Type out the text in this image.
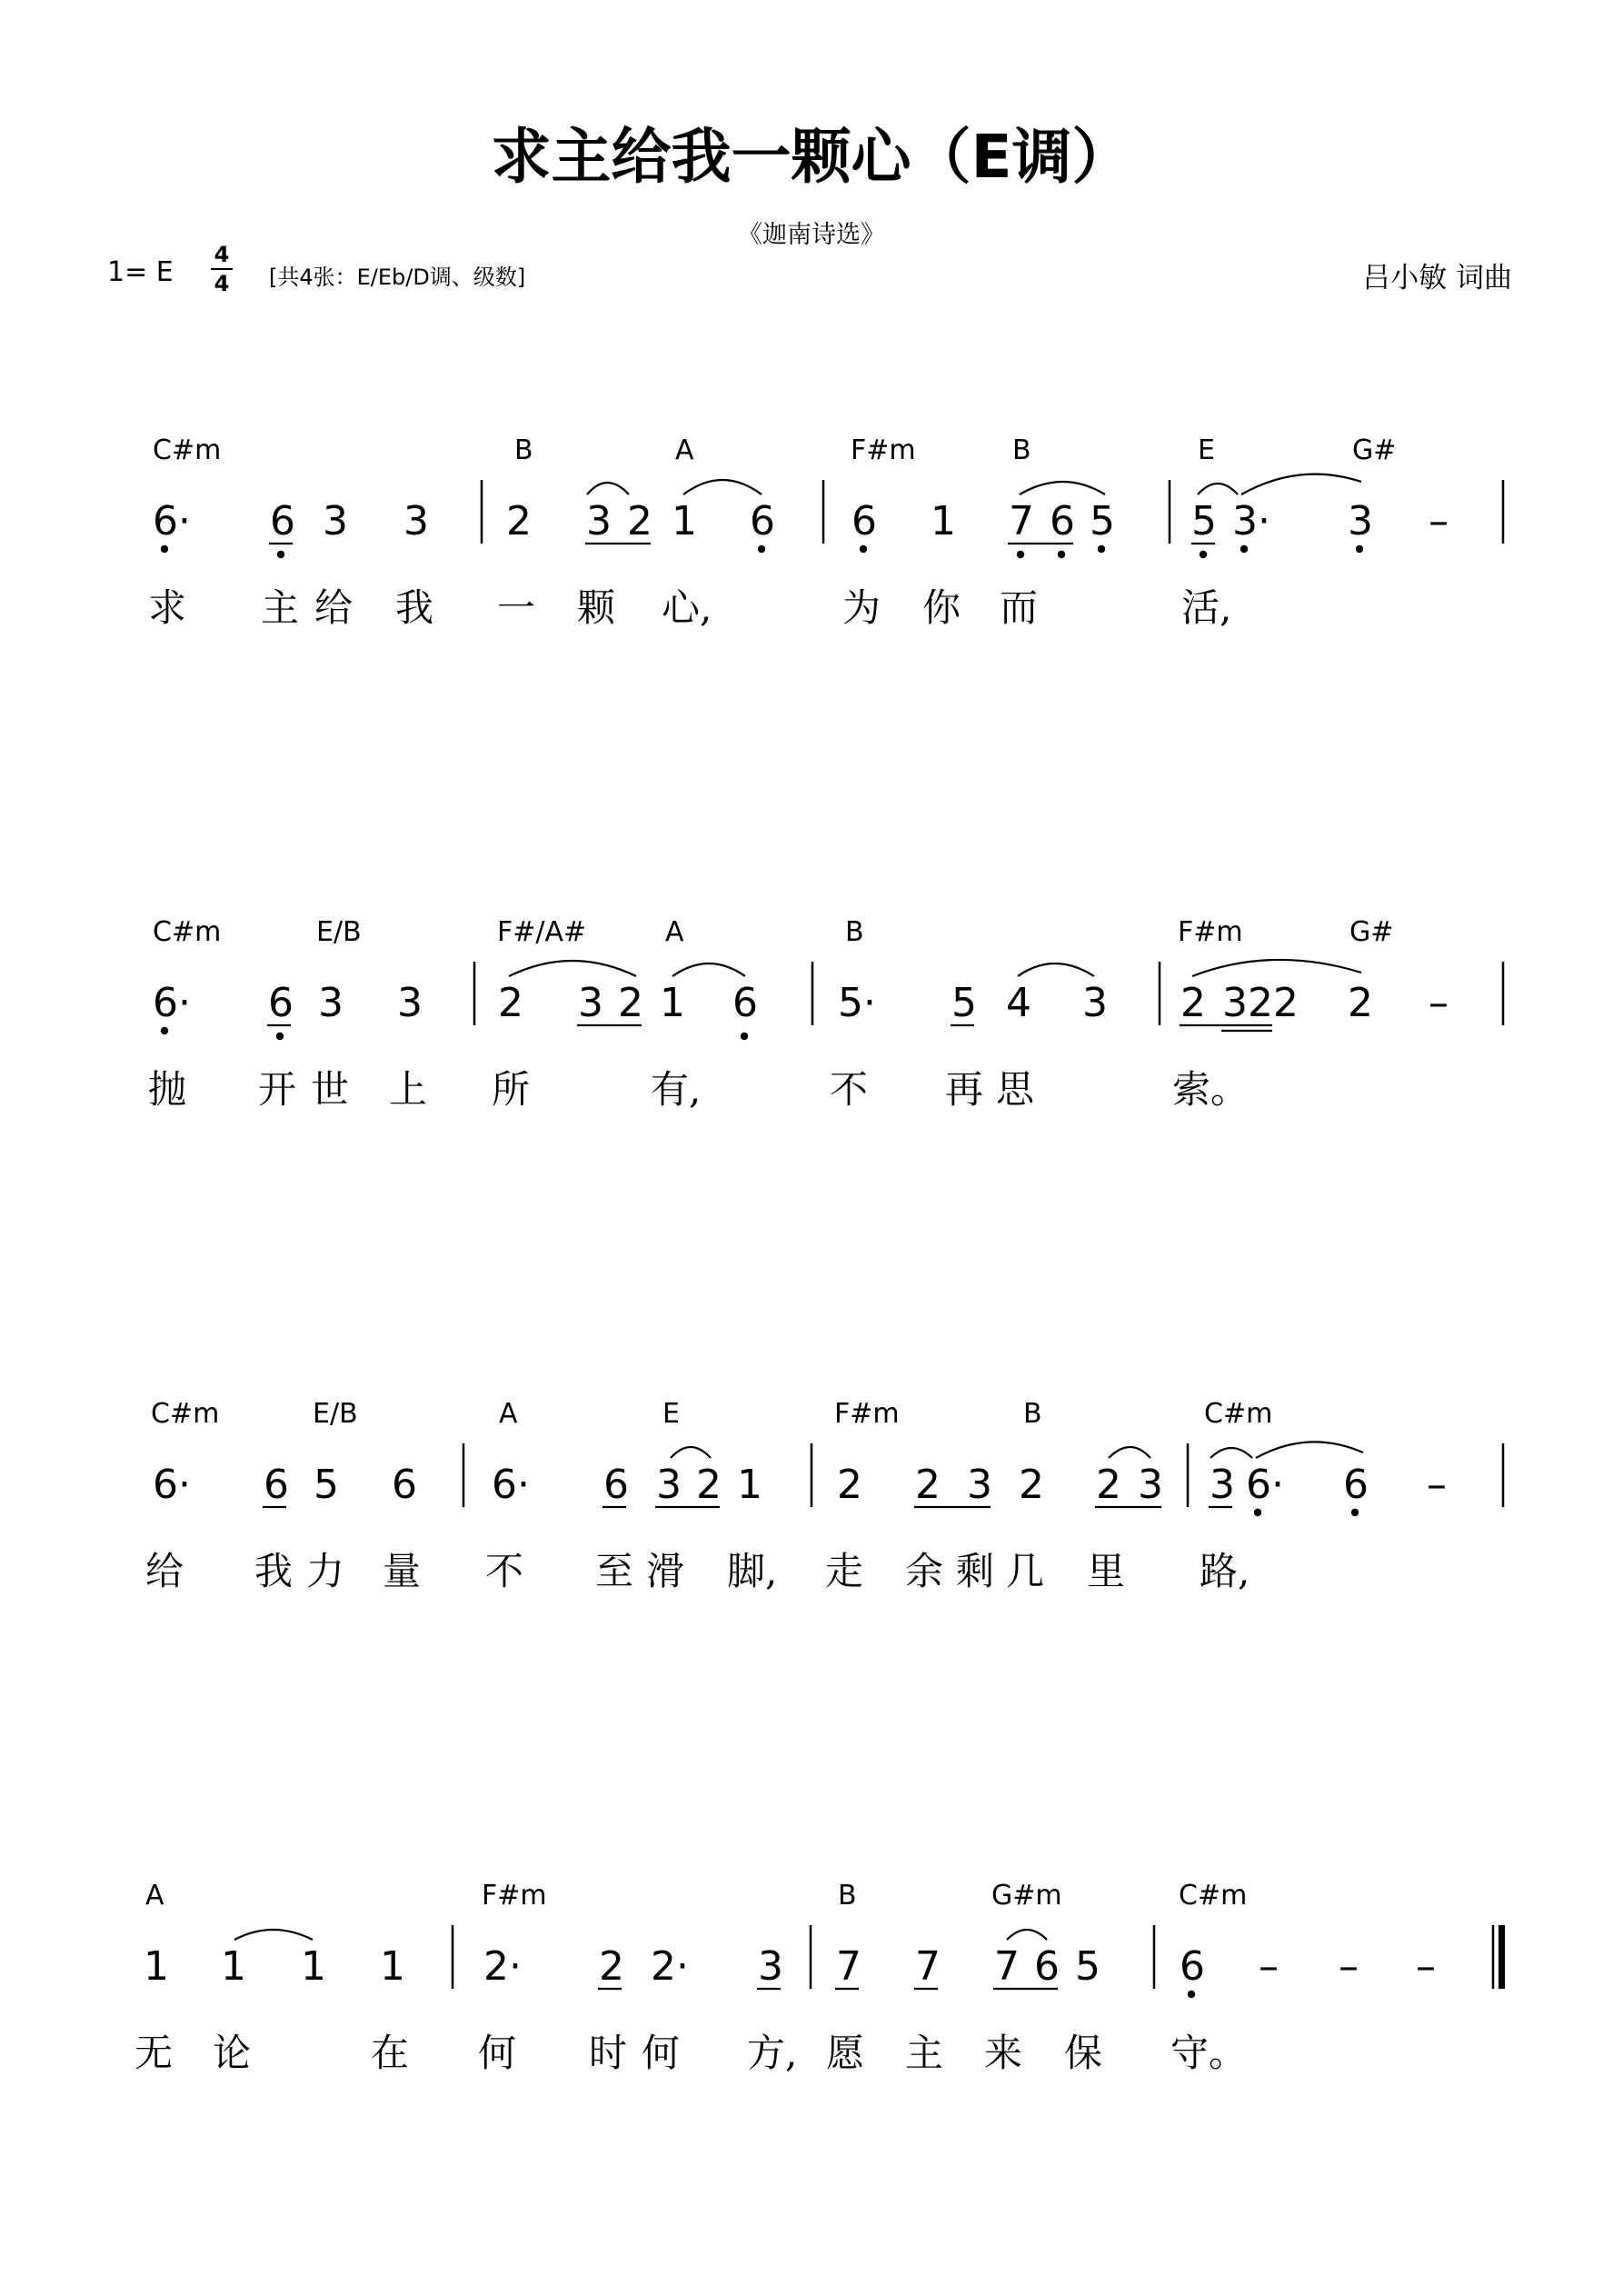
求主给我一颗心（E调）
《迦南诗选》
1= E
4
4 [共4张：E/Eb/D调、级数]	吕小敏 词曲
C#m	B	A	F#m	B	E	G#
6· 6 3 3 2 3 2 1 6 6 1 7 6 5 5 3· 3 –
求 主 给 我 一 颗 心,	为 你 而	活,
C#m	E/B	F#/A#	A	B	F#m	G#
6· 6 3 3 2 3 2 1 6 5· 5 4 3 2 322 2 –
抛 开 世 上 所	有,	不 再 思	索。
C#m	E/B	A	E	F#m	B	C#m
6· 6 5 6 6· 6 3 2 1 2 2 3 2 2 3 3 6· 6 –
给 我 力 量 不 至 滑 脚, 走 余 剩 几 里 路,
A	F#m	B	G#m	C#m
1 1 1 1 2· 2 2· 3 7 7 7 6 5 6 – – –
无 论	在 何 时 何 方, 愿 主 来 保 守。
